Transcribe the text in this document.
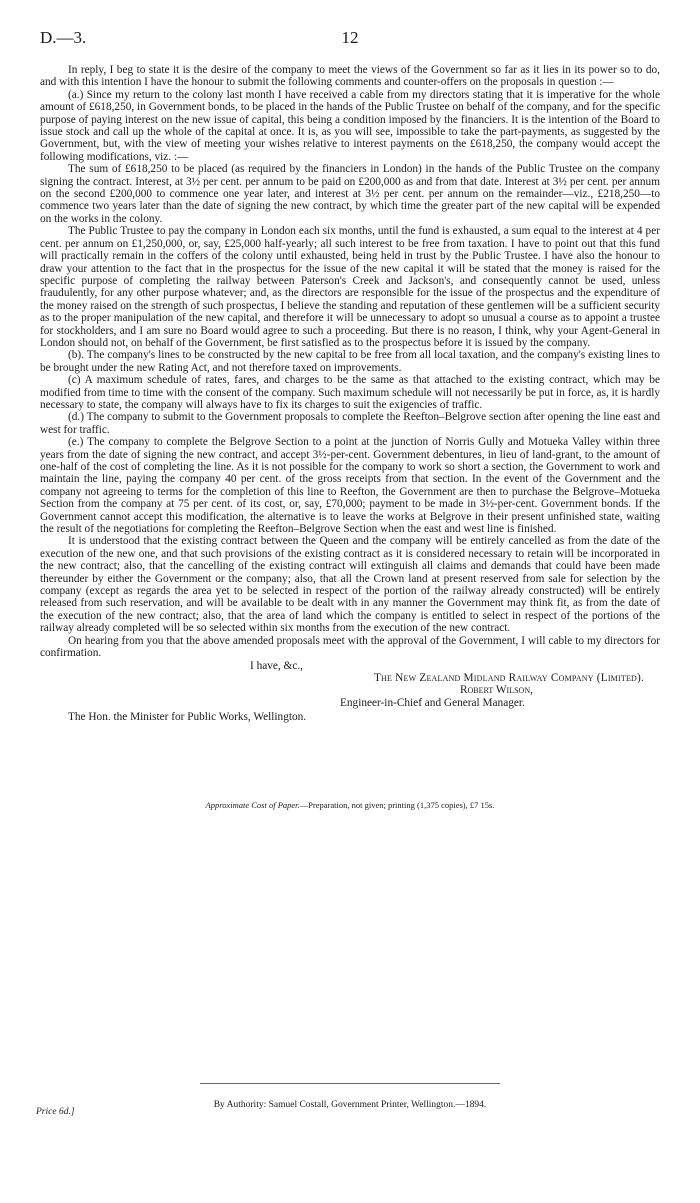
D.—3.	12

In reply, I beg to state it is the desire of the company to meet the views of the Government so far as it lies in its power so to do, and with this intention I have the honour to submit the following comments and counter-offers on the proposals in question :—

(a.) Since my return to the colony last month I have received a cable from my directors stating that it is imperative for the whole amount of £618,250, in Government bonds, to be placed in the hands of the Public Trustee on behalf of the company, and for the specific purpose of paying interest on the new issue of capital, this being a condition imposed by the financiers. It is the intention of the Board to issue stock and call up the whole of the capital at once. It is, as you will see, impossible to take the part-payments, as suggested by the Government, but, with the view of meeting your wishes relative to interest payments on the £618,250, the company would accept the following modifications, viz. :—

The sum of £618,250 to be placed (as required by the financiers in London) in the hands of the Public Trustee on the company signing the contract. Interest, at 3½ per cent. per annum to be paid on £200,000 as and from that date. Interest at 3½ per cent. per annum on the second £200,000 to commence one year later, and interest at 3½ per cent. per annum on the remainder—viz., £218,250—to commence two years later than the date of signing the new contract, by which time the greater part of the new capital will be expended on the works in the colony.

The Public Trustee to pay the company in London each six months, until the fund is exhausted, a sum equal to the interest at 4 per cent. per annum on £1,250,000, or, say, £25,000 half-yearly; all such interest to be free from taxation. I have to point out that this fund will practically remain in the coffers of the colony until exhausted, being held in trust by the Public Trustee. I have also the honour to draw your attention to the fact that in the prospectus for the issue of the new capital it will be stated that the money is raised for the specific purpose of completing the railway between Paterson's Creek and Jackson's, and consequently cannot be used, unless fraudulently, for any other purpose whatever; and, as the directors are responsible for the issue of the prospectus and the expenditure of the money raised on the strength of such prospectus, I believe the standing and reputation of these gentlemen will be a sufficient security as to the proper manipulation of the new capital, and therefore it will be unnecessary to adopt so unusual a course as to appoint a trustee for stockholders, and I am sure no Board would agree to such a proceeding. But there is no reason, I think, why your Agent-General in London should not, on behalf of the Government, be first satisfied as to the prospectus before it is issued by the company.

(b). The company's lines to be constructed by the new capital to be free from all local taxation, and the company's existing lines to be brought under the new Rating Act, and not therefore taxed on improvements.

(c) A maximum schedule of rates, fares, and charges to be the same as that attached to the existing contract, which may be modified from time to time with the consent of the company. Such maximum schedule will not necessarily be put in force, as, it is hardly necessary to state, the company will always have to fix its charges to suit the exigencies of traffic.

(d.) The company to submit to the Government proposals to complete the Reefton–Belgrove section after opening the line east and west for traffic.

(e.) The company to complete the Belgrove Section to a point at the junction of Norris Gully and Motueka Valley within three years from the date of signing the new contract, and accept 3½-per-cent. Government debentures, in lieu of land-grant, to the amount of one-half of the cost of completing the line. As it is not possible for the company to work so short a section, the Government to work and maintain the line, paying the company 40 per cent. of the gross receipts from that section. In the event of the Government and the company not agreeing to terms for the completion of this line to Reefton, the Government are then to purchase the Belgrove–Motueka Section from the company at 75 per cent. of its cost, or, say, £70,000; payment to be made in 3½-per-cent. Government bonds. If the Government cannot accept this modification, the alternative is to leave the works at Belgrove in their present unfinished state, waiting the result of the negotiations for completing the Reefton–Belgrove Section when the east and west line is finished.

It is understood that the existing contract between the Queen and the company will be entirely cancelled as from the date of the execution of the new one, and that such provisions of the existing contract as it is considered necessary to retain will be incorporated in the new contract; also, that the cancelling of the existing contract will extinguish all claims and demands that could have been made thereunder by either the Government or the company; also, that all the Crown land at present reserved from sale for selection by the company (except as regards the area yet to be selected in respect of the portion of the railway already constructed) will be entirely released from such reservation, and will be available to be dealt with in any manner the Government may think fit, as from the date of the execution of the new contract; also, that the area of land which the company is entitled to select in respect of the portions of the railway already completed will be so selected within six months from the execution of the new contract.

On hearing from you that the above amended proposals meet with the approval of the Government, I will cable to my directors for confirmation.

I have, &c.,
The New Zealand Midland Railway Company (Limited).
Robert Wilson,
Engineer-in-Chief and General Manager.
The Hon. the Minister for Public Works, Wellington.
Approximate Cost of Paper.—Preparation, not given; printing (1,375 copies), £7 15s.
Price 6d.]
By Authority: Samuel Costall, Government Printer, Wellington.—1894.
